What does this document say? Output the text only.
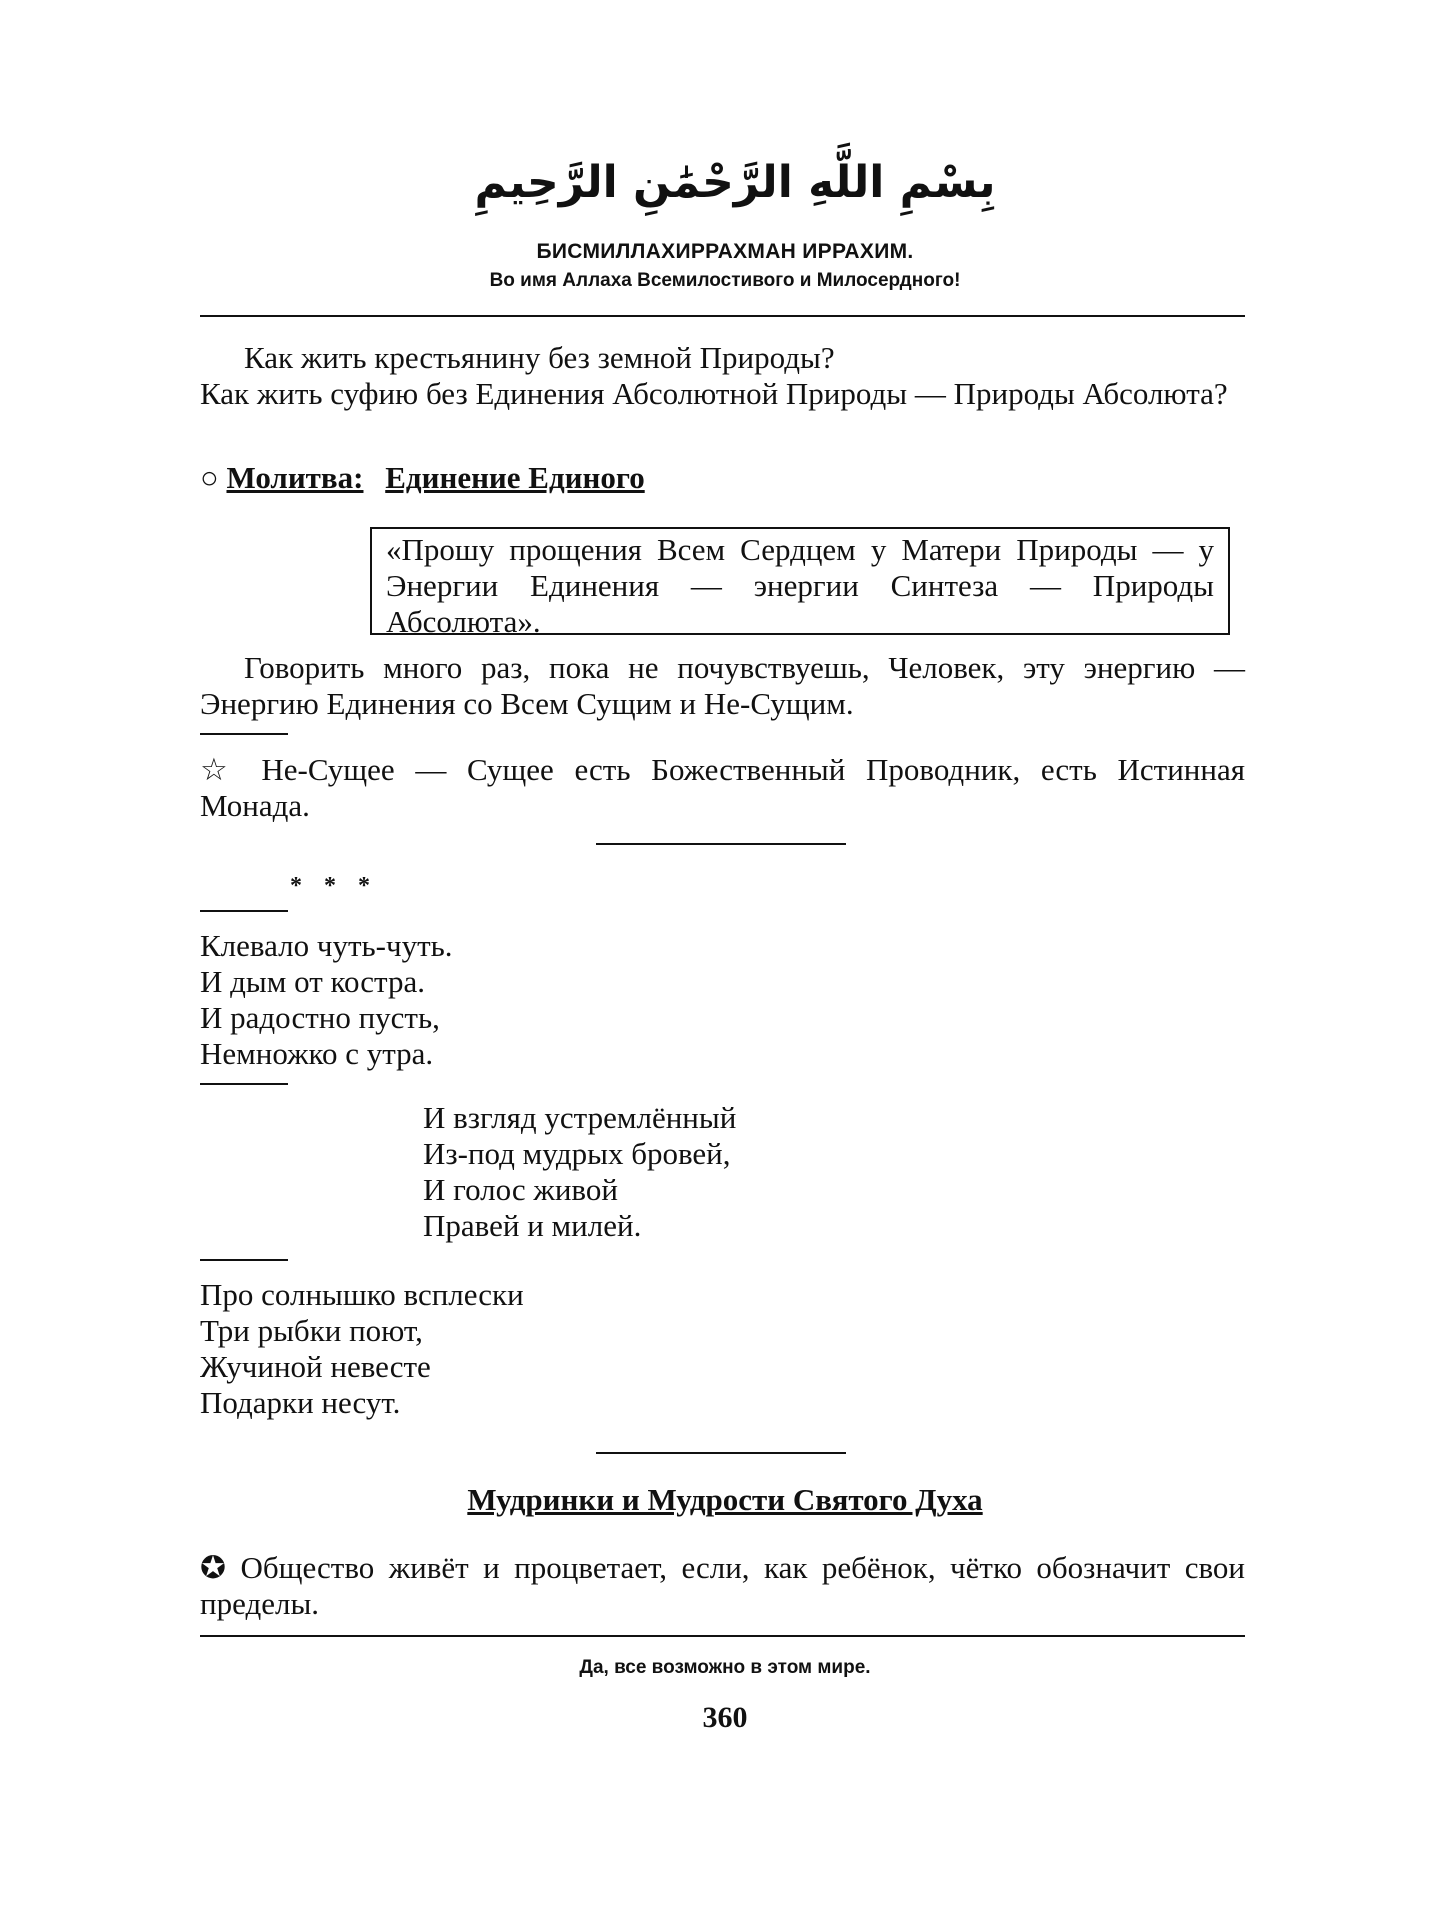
بِسْمِ اللَّهِ الرَّحْمَٰنِ الرَّحِيمِ
БИСМИЛЛАХИРРАХМАН ИРРАХИМ.
Во имя Аллаха Всемилостивого и Милосердного!
Как жить крестьянину без земной Природы?
Как жить суфию без Единения Абсолютной Природы — Природы Абсолюта?
○ Молитва: Единение Единого
«Прошу прощения Всем Сердцем у Матери Природы — у Энергии Единения — энергии Синтеза — Природы Абсолюта».
Говорить много раз, пока не почувствуешь, Человек, эту энергию — Энергию Единения со Всем Сущим и Не-Сущим.
☆ Не-Сущее — Сущее есть Божественный Проводник, есть Истинная Монада.
* * *
Клевало чуть-чуть.
И дым от костра.
И радостно пусть,
Немножко с утра.
И взгляд устремлённый
Из-под мудрых бровей,
И голос живой
Правей и милей.
Про солнышко всплески
Три рыбки поют,
Жучиной невесте
Подарки несут.
Мудринки и Мудрости Святого Духа
✪ Общество живёт и процветает, если, как ребёнок, чётко обозначит свои пределы.
Да, все возможно в этом мире.
360
